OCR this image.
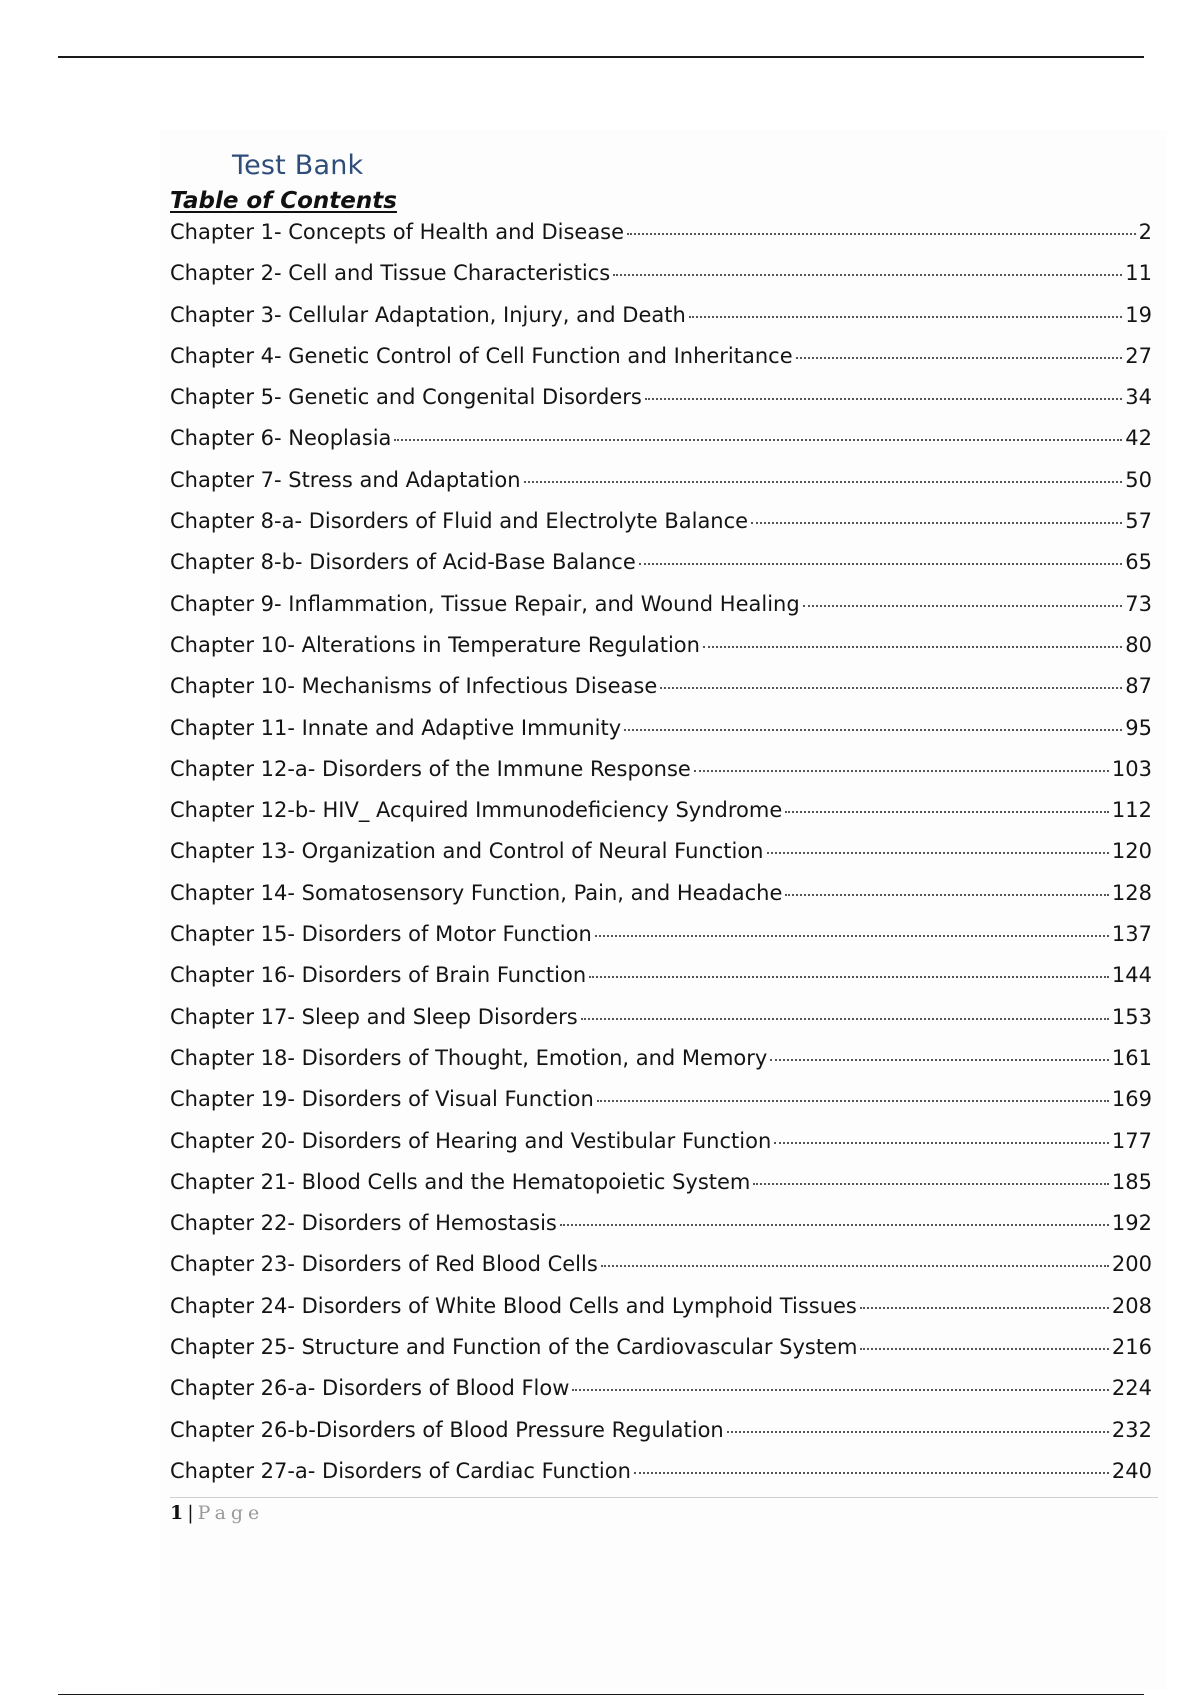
Test Bank
Table of Contents
Chapter 1- Concepts of Health and Disease	2
Chapter 2- Cell and Tissue Characteristics	11
Chapter 3- Cellular Adaptation, Injury, and Death	19
Chapter 4- Genetic Control of Cell Function and Inheritance	27
Chapter 5- Genetic and Congenital Disorders	34
Chapter 6- Neoplasia	42
Chapter 7- Stress and Adaptation	50
Chapter 8-a- Disorders of Fluid and Electrolyte Balance	57
Chapter 8-b- Disorders of Acid-Base Balance	65
Chapter 9- Inflammation, Tissue Repair, and Wound Healing	73
Chapter 10- Alterations in Temperature Regulation	80
Chapter 10- Mechanisms of Infectious Disease	87
Chapter 11- Innate and Adaptive Immunity	95
Chapter 12-a- Disorders of the Immune Response	103
Chapter 12-b- HIV_ Acquired Immunodeficiency Syndrome	112
Chapter 13- Organization and Control of Neural Function	120
Chapter 14- Somatosensory Function, Pain, and Headache	128
Chapter 15- Disorders of Motor Function	137
Chapter 16- Disorders of Brain Function	144
Chapter 17- Sleep and Sleep Disorders	153
Chapter 18- Disorders of Thought, Emotion, and Memory	161
Chapter 19- Disorders of Visual Function	169
Chapter 20- Disorders of Hearing and Vestibular Function	177
Chapter 21- Blood Cells and the Hematopoietic System	185
Chapter 22- Disorders of Hemostasis	192
Chapter 23- Disorders of Red Blood Cells	200
Chapter 24- Disorders of White Blood Cells and Lymphoid Tissues	208
Chapter 25- Structure and Function of the Cardiovascular System	216
Chapter 26-a- Disorders of Blood Flow	224
Chapter 26-b-Disorders of Blood Pressure Regulation	232
Chapter 27-a- Disorders of Cardiac Function	240
1 | Page
